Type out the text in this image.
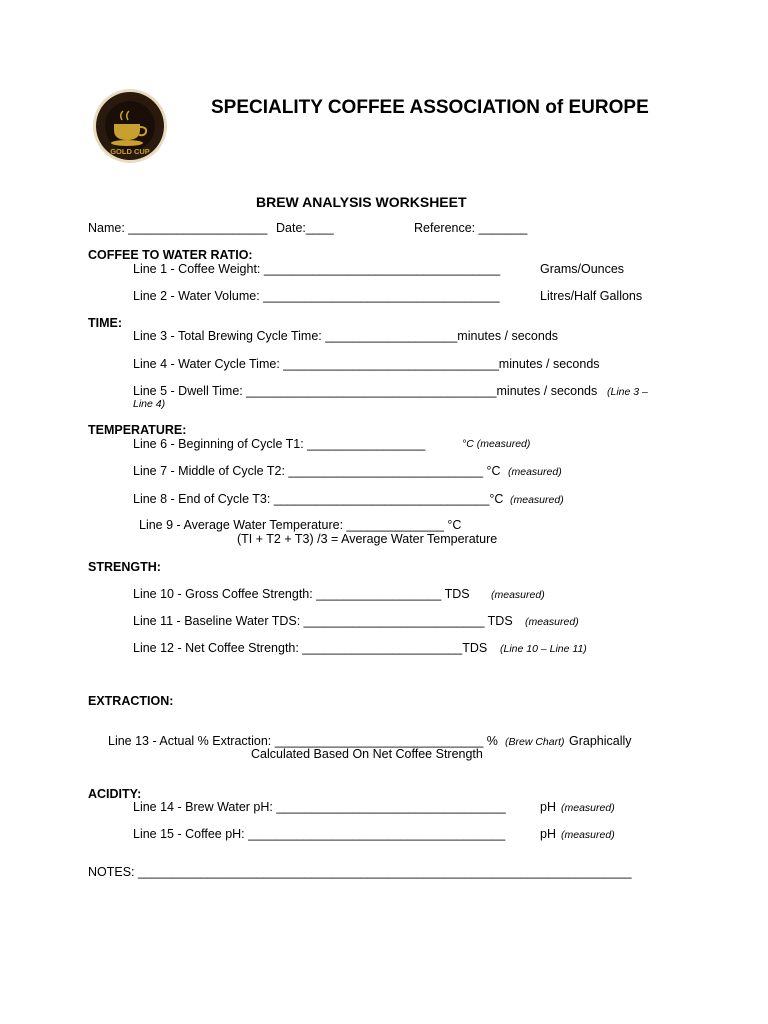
GOLD CUP
SPECIALITY COFFEE ASSOCIATION of EUROPE
BREW ANALYSIS WORKSHEET
Name: ____________________ Date:____	Reference: _______
COFFEE TO WATER RATIO:
Line 1 - Coffee Weight: __________________________________	Grams/Ounces
Line 2 - Water Volume: __________________________________	Litres/Half Gallons
TIME:
Line 3 - Total Brewing Cycle Time: ___________________minutes / seconds
Line 4 - Water Cycle Time: _______________________________minutes / seconds
Line 5 - Dwell Time: ____________________________________minutes / seconds (Line 3 –
Line 4)
TEMPERATURE:
Line 6 - Beginning of Cycle T1: _________________	°C (measured)
Line 7 - Middle of Cycle T2: ____________________________ °C (measured)
Line 8 - End of Cycle T3: _______________________________°C (measured)
Line 9 - Average Water Temperature: ______________ °C
(TI + T2 + T3) /3 = Average Water Temperature
STRENGTH:
Line 10 - Gross Coffee Strength: __________________ TDS (measured)
Line 11 - Baseline Water TDS: __________________________ TDS (measured)
Line 12 - Net Coffee Strength: _______________________TDS (Line 10 – Line 11)
EXTRACTION:
Line 13 - Actual % Extraction: ______________________________ % (Brew Chart) Graphically
Calculated Based On Net Coffee Strength
ACIDITY:
Line 14 - Brew Water pH: _________________________________	pH (measured)
Line 15 - Coffee pH: _____________________________________	pH (measured)
NOTES: _______________________________________________________________________
